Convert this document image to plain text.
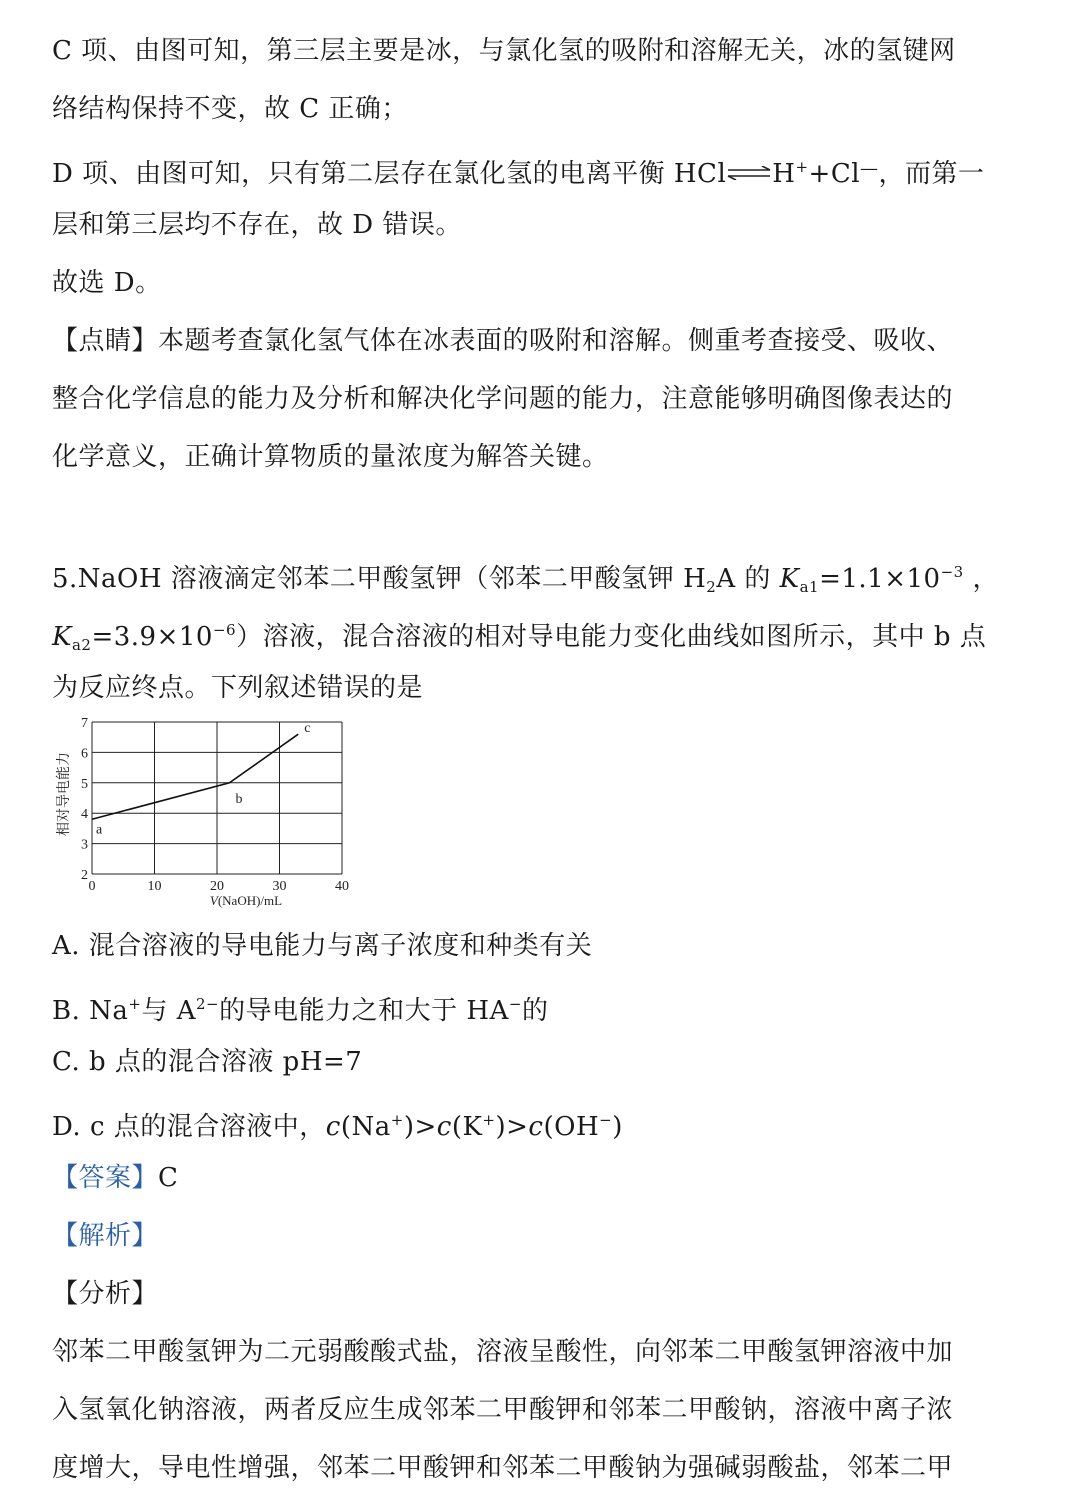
C 项、由图可知，第三层主要是冰，与氯化氢的吸附和溶解无关，冰的氢键网
络结构保持不变，故 C 正确；
D 项、由图可知，只有第二层存在氯化氢的电离平衡 HCl⇌H++Cl—，而第一
层和第三层均不存在，故 D 错误。
故选 D。
【点睛】本题考查氯化氢气体在冰表面的吸附和溶解。侧重考查接受、吸收、
整合化学信息的能力及分析和解决化学问题的能力，注意能够明确图像表达的
化学意义，正确计算物质的量浓度为解答关键。
5.NaOH 溶液滴定邻苯二甲酸氢钾（邻苯二甲酸氢钾 $H_2A$ 的 $K_{a1}=1.1\times 10^{-3}$ ，
$K_{a2}=3.9\times 10^{-6}$）溶液，混合溶液的相对导电能力变化曲线如图所示，其中 b 点
为反应终点。下列叙述错误的是
0	10	20	30	40
2
3
4
5
6
7
a
b
c
相对导电能力
V(NaOH)/mL
A. 混合溶液的导电能力与离子浓度和种类有关
B. Na+与 $A^{2-}$的导电能力之和大于 HA−的
C. b 点的混合溶液 pH=7
D. c 点的混合溶液中，c(Na+)>c(K+)>c(OH−)
【答案】C
【解析】
【分析】
邻苯二甲酸氢钾为二元弱酸酸式盐，溶液呈酸性，向邻苯二甲酸氢钾溶液中加
入氢氧化钠溶液，两者反应生成邻苯二甲酸钾和邻苯二甲酸钠，溶液中离子浓
度增大，导电性增强，邻苯二甲酸钾和邻苯二甲酸钠为强碱弱酸盐，邻苯二甲
